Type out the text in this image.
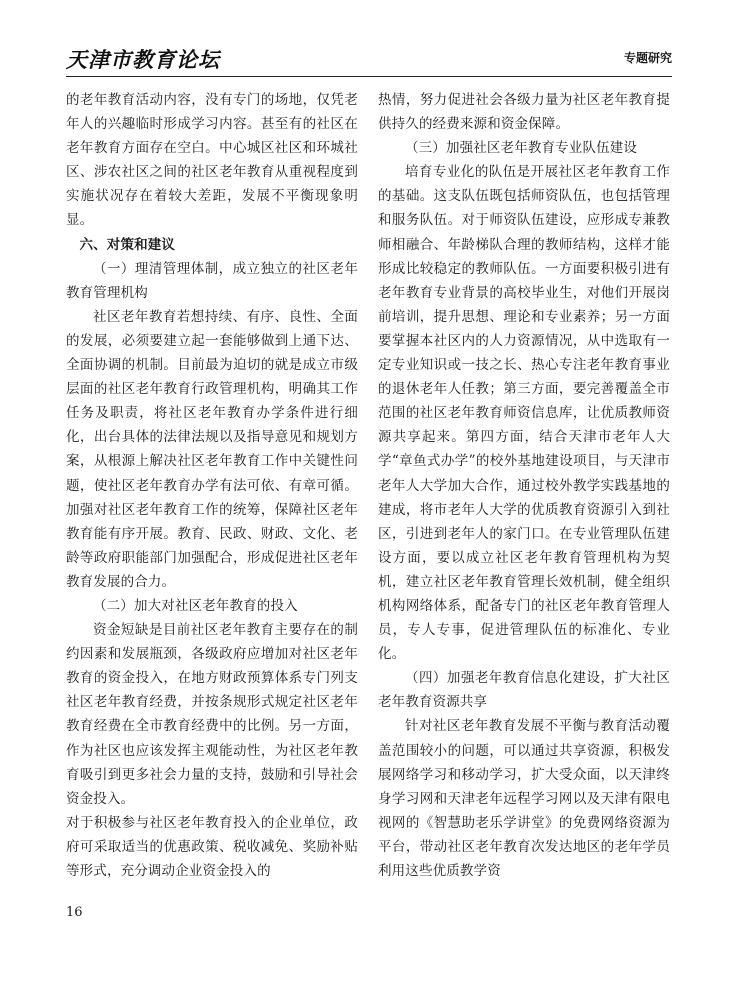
天津市教育论坛	专题研究

的老年教育活动内容，没有专门的场地，仅凭老年人的兴趣临时形成学习内容。甚至有的社区在老年教育方面存在空白。中心城区社区和环城社区、涉农社区之间的社区老年教育从重视程度到实施状况存在着较大差距，发展不平衡现象明显。

六、对策和建议

（一）理清管理体制，成立独立的社区老年教育管理机构

社区老年教育若想持续、有序、良性、全面的发展，必须要建立起一套能够做到上通下达、全面协调的机制。目前最为迫切的就是成立市级层面的社区老年教育行政管理机构，明确其工作任务及职责，将社区老年教育办学条件进行细化，出台具体的法律法规以及指导意见和规划方案，从根源上解决社区老年教育工作中关键性问题，使社区老年教育办学有法可依、有章可循。加强对社区老年教育工作的统筹，保障社区老年教育能有序开展。教育、民政、财政、文化、老龄等政府职能部门加强配合，形成促进社区老年教育发展的合力。

（二）加大对社区老年教育的投入

资金短缺是目前社区老年教育主要存在的制约因素和发展瓶颈，各级政府应增加对社区老年教育的资金投入，在地方财政预算体系专门列支社区老年教育经费，并按条规形式规定社区老年教育经费在全市教育经费中的比例。另一方面，作为社区也应该发挥主观能动性，为社区老年教育吸引到更多社会力量的支持，鼓励和引导社会资金投入。

对于积极参与社区老年教育投入的企业单位，政府可采取适当的优惠政策、税收减免、奖励补贴等形式，充分调动企业资金投入的

热情，努力促进社会各级力量为社区老年教育提供持久的经费来源和资金保障。

（三）加强社区老年教育专业队伍建设

培育专业化的队伍是开展社区老年教育工作的基础。这支队伍既包括师资队伍，也包括管理和服务队伍。对于师资队伍建设，应形成专兼教师相融合、年龄梯队合理的教师结构，这样才能形成比较稳定的教师队伍。一方面要积极引进有老年教育专业背景的高校毕业生，对他们开展岗前培训，提升思想、理论和专业素养；另一方面要掌握本社区内的人力资源情况，从中选取有一定专业知识或一技之长、热心专注老年教育事业的退休老年人任教；第三方面，要完善覆盖全市范围的社区老年教育师资信息库，让优质教师资源共享起来。第四方面，结合天津市老年人大学“章鱼式办学”的校外基地建设项目，与天津市老年人大学加大合作，通过校外教学实践基地的建成，将市老年人大学的优质教育资源引入到社区，引进到老年人的家门口。在专业管理队伍建设方面，要以成立社区老年教育管理机构为契机，建立社区老年教育管理长效机制，健全组织机构网络体系，配备专门的社区老年教育管理人员，专人专事，促进管理队伍的标准化、专业化。

（四）加强老年教育信息化建设，扩大社区老年教育资源共享

针对社区老年教育发展不平衡与教育活动覆盖范围较小的问题，可以通过共享资源，积极发展网络学习和移动学习，扩大受众面，以天津终身学习网和天津老年远程学习网以及天津有限电视网的《智慧助老乐学讲堂》的免费网络资源为平台，带动社区老年教育次发达地区的老年学员利用这些优质教学资

16
